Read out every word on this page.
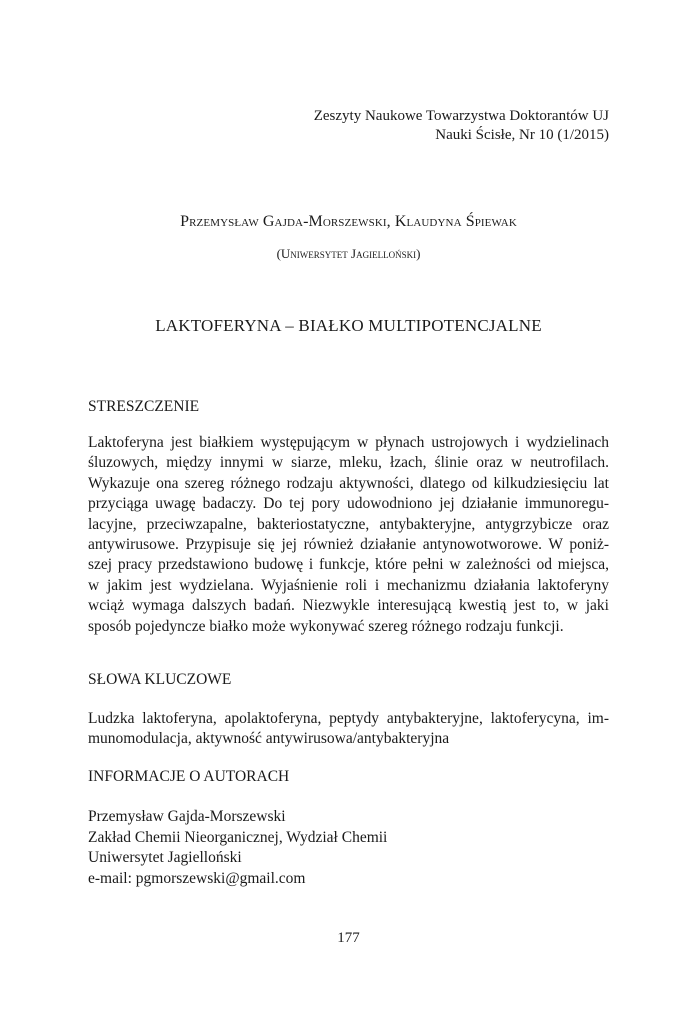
Zeszyty Naukowe Towarzystwa Doktorantów UJ
Nauki Ścisłe, Nr 10 (1/2015)
Przemysław Gajda-Morszewski, Klaudyna Śpiewak
(Uniwersytet Jagielloński)
LAKTOFERYNA – BIAŁKO MULTIPOTENCJALNE
STRESZCZENIE
Laktoferyna jest białkiem występującym w płynach ustrojowych i wydzielinach
śluzowych, między innymi w siarze, mleku, łzach, ślinie oraz w neutrofilach.
Wykazuje ona szereg różnego rodzaju aktywności, dlatego od kilkudziesięciu lat
przyciąga uwagę badaczy. Do tej pory udowodniono jej działanie immunoregu-
lacyjne, przeciwzapalne, bakteriostatyczne, antybakteryjne, antygrzybicze oraz
antywirusowe. Przypisuje się jej również działanie antynowotworowe. W poniż-
szej pracy przedstawiono budowę i funkcje, które pełni w zależności od miejsca,
w jakim jest wydzielana. Wyjaśnienie roli i mechanizmu działania laktoferyny
wciąż wymaga dalszych badań. Niezwykle interesującą kwestią jest to, w jaki
sposób pojedyncze białko może wykonywać szereg różnego rodzaju funkcji.
SŁOWA KLUCZOWE
Ludzka laktoferyna, apolaktoferyna, peptydy antybakteryjne, laktoferycyna, im-
munomodulacja, aktywność antywirusowa/antybakteryjna
INFORMACJE O AUTORACH
Przemysław Gajda-Morszewski
Zakład Chemii Nieorganicznej, Wydział Chemii
Uniwersytet Jagielloński
e-mail: pgmorszewski@gmail.com
177
